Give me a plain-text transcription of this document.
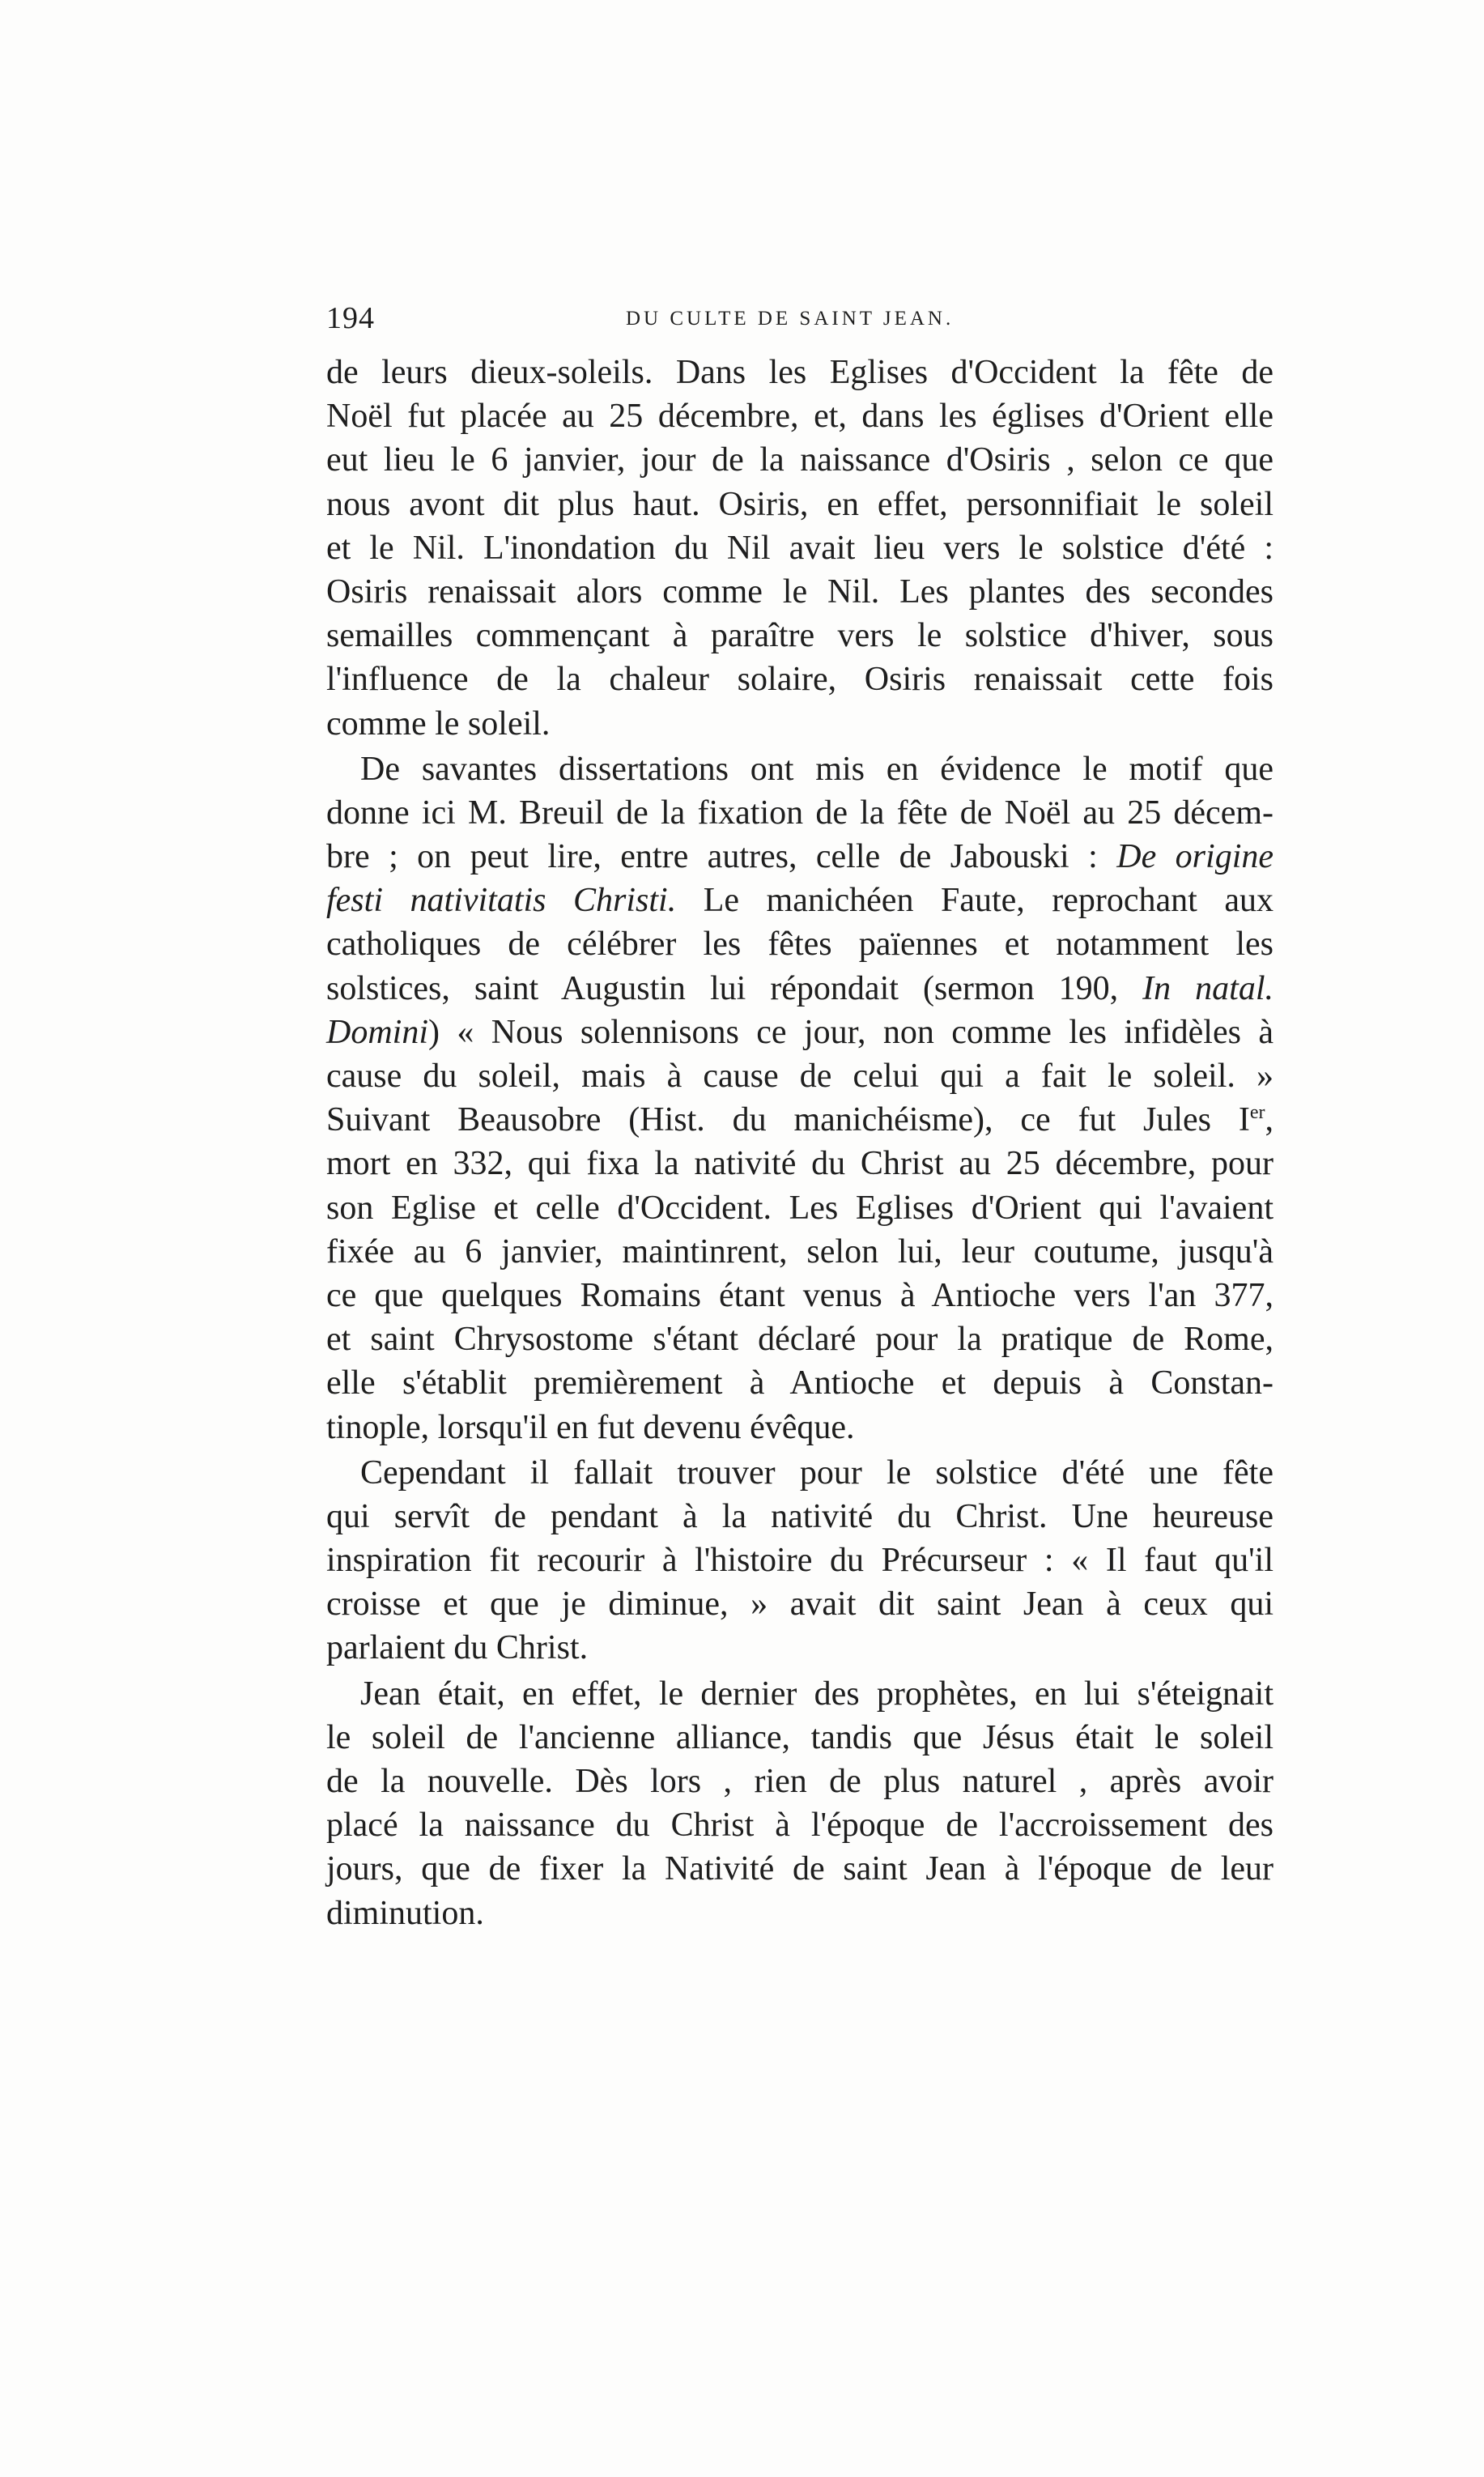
194	DU CULTE DE SAINT JEAN.
de leurs dieux-soleils. Dans les Eglises d'Occident la fête de
Noël fut placée au 25 décembre, et, dans les églises d'Orient elle
eut lieu le 6 janvier, jour de la naissance d'Osiris , selon ce que
nous avont dit plus haut. Osiris, en effet, personnifiait le soleil
et le Nil. L'inondation du Nil avait lieu vers le solstice d'été :
Osiris renaissait alors comme le Nil. Les plantes des secondes
semailles commençant à paraître vers le solstice d'hiver, sous
l'influence de la chaleur solaire, Osiris renaissait cette fois
comme le soleil.
De savantes dissertations ont mis en évidence le motif que
donne ici M. Breuil de la fixation de la fête de Noël au 25 décem-
bre ; on peut lire, entre autres, celle de Jabouski : De origine
festi nativitatis Christi. Le manichéen Faute, reprochant aux
catholiques de célébrer les fêtes païennes et notamment les
solstices, saint Augustin lui répondait (sermon 190, In natal.
Domini) « Nous solennisons ce jour, non comme les infidèles à
cause du soleil, mais à cause de celui qui a fait le soleil. »
Suivant Beausobre (Hist. du manichéisme), ce fut Jules Ier,
mort en 332, qui fixa la nativité du Christ au 25 décembre, pour
son Eglise et celle d'Occident. Les Eglises d'Orient qui l'avaient
fixée au 6 janvier, maintinrent, selon lui, leur coutume, jusqu'à
ce que quelques Romains étant venus à Antioche vers l'an 377,
et saint Chrysostome s'étant déclaré pour la pratique de Rome,
elle s'établit premièrement à Antioche et depuis à Constan-
tinople, lorsqu'il en fut devenu évêque.
Cependant il fallait trouver pour le solstice d'été une fête
qui servît de pendant à la nativité du Christ. Une heureuse
inspiration fit recourir à l'histoire du Précurseur : « Il faut qu'il
croisse et que je diminue, » avait dit saint Jean à ceux qui
parlaient du Christ.
Jean était, en effet, le dernier des prophètes, en lui s'éteignait
le soleil de l'ancienne alliance, tandis que Jésus était le soleil
de la nouvelle. Dès lors , rien de plus naturel , après avoir
placé la naissance du Christ à l'époque de l'accroissement des
jours, que de fixer la Nativité de saint Jean à l'époque de leur
diminution.
